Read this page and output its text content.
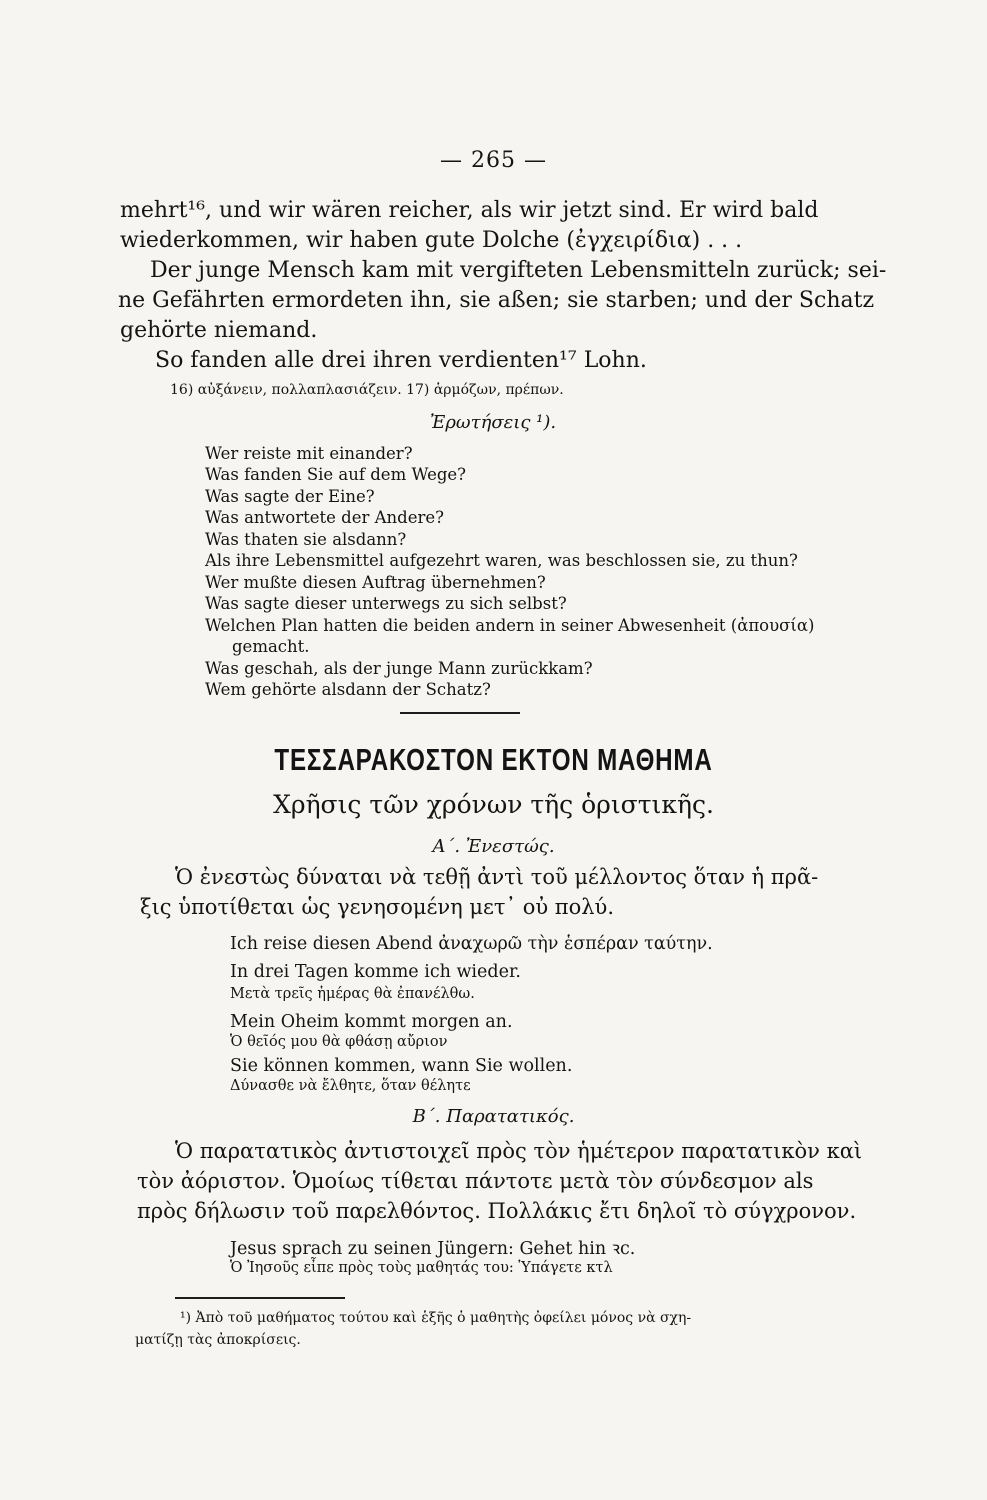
— 265 —
mehrt¹⁶, und wir wären reicher, als wir jetzt sind. Er wird bald
wiederkommen, wir haben gute Dolche (ἐγχειρίδια) . . .
Der junge Mensch kam mit vergifteten Lebensmitteln zurück; sei-
ne Gefährten ermordeten ihn, sie aßen; sie starben; und der Schatz
gehörte niemand.
So fanden alle drei ihren verdienten¹⁷ Lohn.
16) αὐξάνειν, πολλαπλασιάζειν. 17) ἁρμόζων, πρέπων.
Ἐρωτήσεις ¹).
Wer reiste mit einander?
Was fanden Sie auf dem Wege?
Was sagte der Eine?
Was antwortete der Andere?
Was thaten sie alsdann?
Als ihre Lebensmittel aufgezehrt waren, was beschlossen sie, zu thun?
Wer mußte diesen Auftrag übernehmen?
Was sagte dieser unterwegs zu sich selbst?
Welchen Plan hatten die beiden andern in seiner Abwesenheit (ἀπουσία)
gemacht.
Was geschah, als der junge Mann zurückkam?
Wem gehörte alsdann der Schatz?
ΤΕΣΣΑΡΑΚΟΣΤΟΝ ΕΚΤΟΝ ΜΑΘΗΜΑ
Χρῆσις τῶν χρόνων τῆς ὁριστικῆς.
Α΄. Ἐνεστώς.
Ὁ ἐνεστὼς δύναται νὰ τεθῇ ἀντὶ τοῦ μέλλοντος ὅταν ἡ πρᾶ-
ξις ὑποτίθεται ὡς γενησομένη μετ᾽ οὐ πολύ.
Ich reise diesen Abend ἀναχωρῶ τὴν ἑσπέραν ταύτην.
In drei Tagen komme ich wieder.
Μετὰ τρεῖς ἡμέρας θὰ ἐπανέλθω.
Mein Oheim kommt morgen an.
Ὁ θεῖός μου θὰ φθάσῃ αὔριον
Sie können kommen, wann Sie wollen.
Δύνασθε νὰ ἔλθητε, ὅταν θέλητε
Β΄. Παρατατικός.
Ὁ παρατατικὸς ἀντιστοιχεῖ πρὸς τὸν ἡμέτερον παρατατικὸν καὶ
τὸν ἀόριστον. Ὁμοίως τίθεται πάντοτε μετὰ τὸν σύνδεσμον als
πρὸς δήλωσιν τοῦ παρελθόντος. Πολλάκις ἔτι δηλοῖ τὸ σύγχρονον.
Jesus sprach zu seinen Jüngern: Gehet hin ꝛc.
Ὁ Ἰησοῦς εἶπε πρὸς τοὺς μαθητάς του: Ὑπάγετε κτλ
¹) Ἀπὸ τοῦ μαθήματος τούτου καὶ ἑξῆς ὁ μαθητὴς ὀφείλει μόνος νὰ σχη-
ματίζῃ τὰς ἀποκρίσεις.
